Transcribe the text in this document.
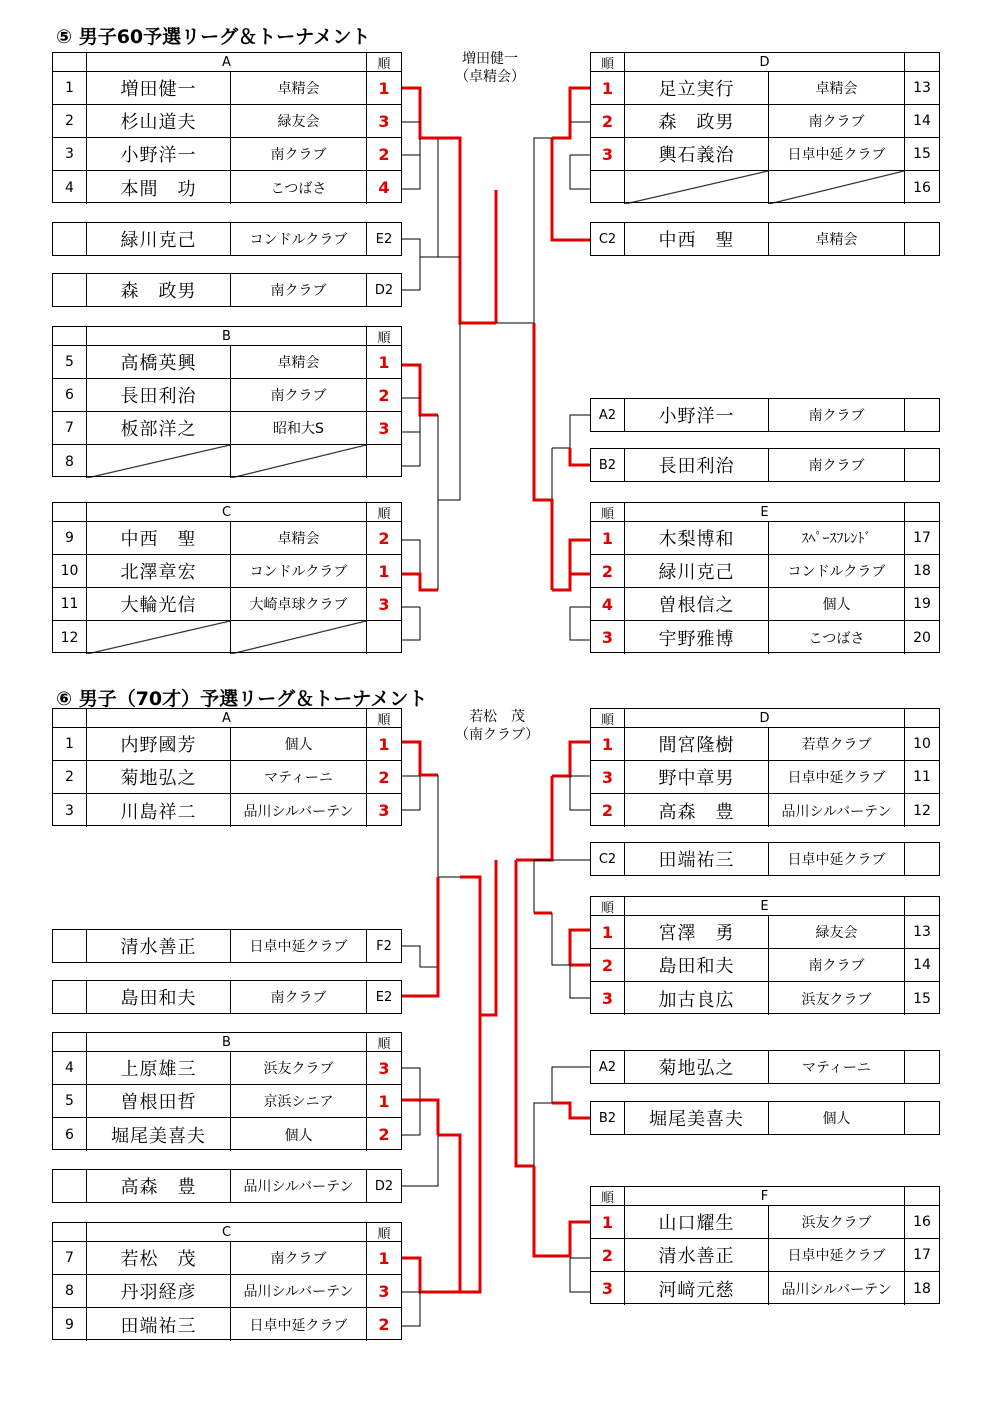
⑤ 男子60予選リーグ＆トーナメント
増田健一
（卓精会）
A	順
1	増田健一	卓精会	1
2	杉山道夫	緑友会	3
3	小野洋一	南クラブ	2
4	本間　功	こつばさ	4
緑川克己	コンドルクラブ	E2
森　政男	南クラブ	D2
B	順
5	高橋英興	卓精会	1
6	長田利治	南クラブ	2
7	板部洋之	昭和大S	3
8
C	順
9	中西　聖	卓精会	2
10	北澤章宏	コンドルクラブ	1
11	大輪光信	大崎卓球クラブ	3
12
順	D
1	足立実行	卓精会	13
2	森　政男	南クラブ	14
3	輿石義治	日卓中延クラブ	15
16
C2	中西　聖	卓精会
A2	小野洋一	南クラブ
B2	長田利治	南クラブ
順	E
1	木梨博和	ｽﾍﾟｰｽﾌﾚﾝﾄﾞ	17
2	緑川克己	コンドルクラブ	18
4	曽根信之	個人	19
3	宇野雅博	こつばさ	20
⑥ 男子（70才）予選リーグ＆トーナメント
若松　茂
（南クラブ）
A	順
1	内野國芳	個人	1
2	菊地弘之	マティーニ	2
3	川島祥二	品川シルバーテン	3
清水善正	日卓中延クラブ	F2
島田和夫	南クラブ	E2
B	順
4	上原雄三	浜友クラブ	3
5	曽根田哲	京浜シニア	1
6	堀尾美喜夫	個人	2
高森　豊	品川シルバーテン	D2
C	順
7	若松　茂	南クラブ	1
8	丹羽経彦	品川シルバーテン	3
9	田端祐三	日卓中延クラブ	2
順	D
1	間宮隆樹	若草クラブ	10
3	野中章男	日卓中延クラブ	11
2	高森　豊	品川シルバーテン	12
C2	田端祐三	日卓中延クラブ
順	E
1	宮澤　勇	緑友会	13
2	島田和夫	南クラブ	14
3	加古良広	浜友クラブ	15
A2	菊地弘之	マティーニ
B2	堀尾美喜夫	個人
順	F
1	山口耀生	浜友クラブ	16
2	清水善正	日卓中延クラブ	17
3	河﨑元慈	品川シルバーテン	18
